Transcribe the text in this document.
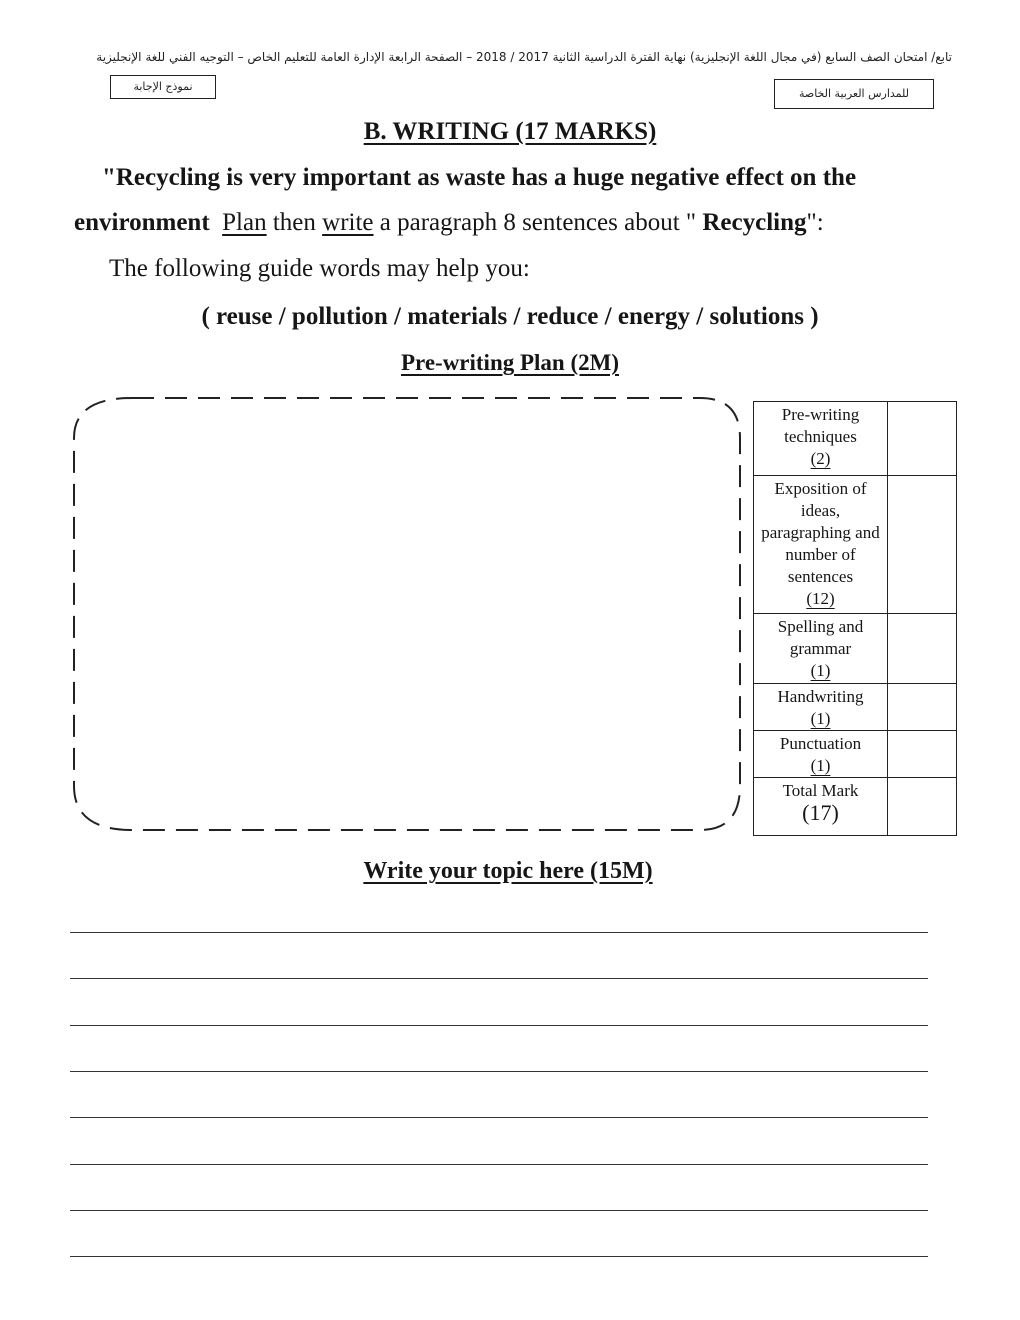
تابع/ امتحان الصف السابع (في مجال اللغة الإنجليزية) نهاية الفترة الدراسية الثانية 2017 / 2018 – الصفحة الرابعة الإدارة العامة للتعليم الخاص – التوجيه الفني للغة الإنجليزية
نموذج الإجابة
للمدارس العربية الخاصة
B. WRITING (17 MARKS)
"Recycling is very important as waste has a huge negative effect on the
environment Plan then write a paragraph 8 sentences about " Recycling":
The following guide words may help you:
( reuse / pollution / materials / reduce / energy / solutions )
Pre-writing Plan (2M)
Pre-writing techniques
(2)	
Exposition of ideas, paragraphing and number of sentences
(12)	
Spelling and grammar
(1)	
Handwriting
(1)	
Punctuation
(1)	
Total Mark
(17)	
Write your topic here (15M)
